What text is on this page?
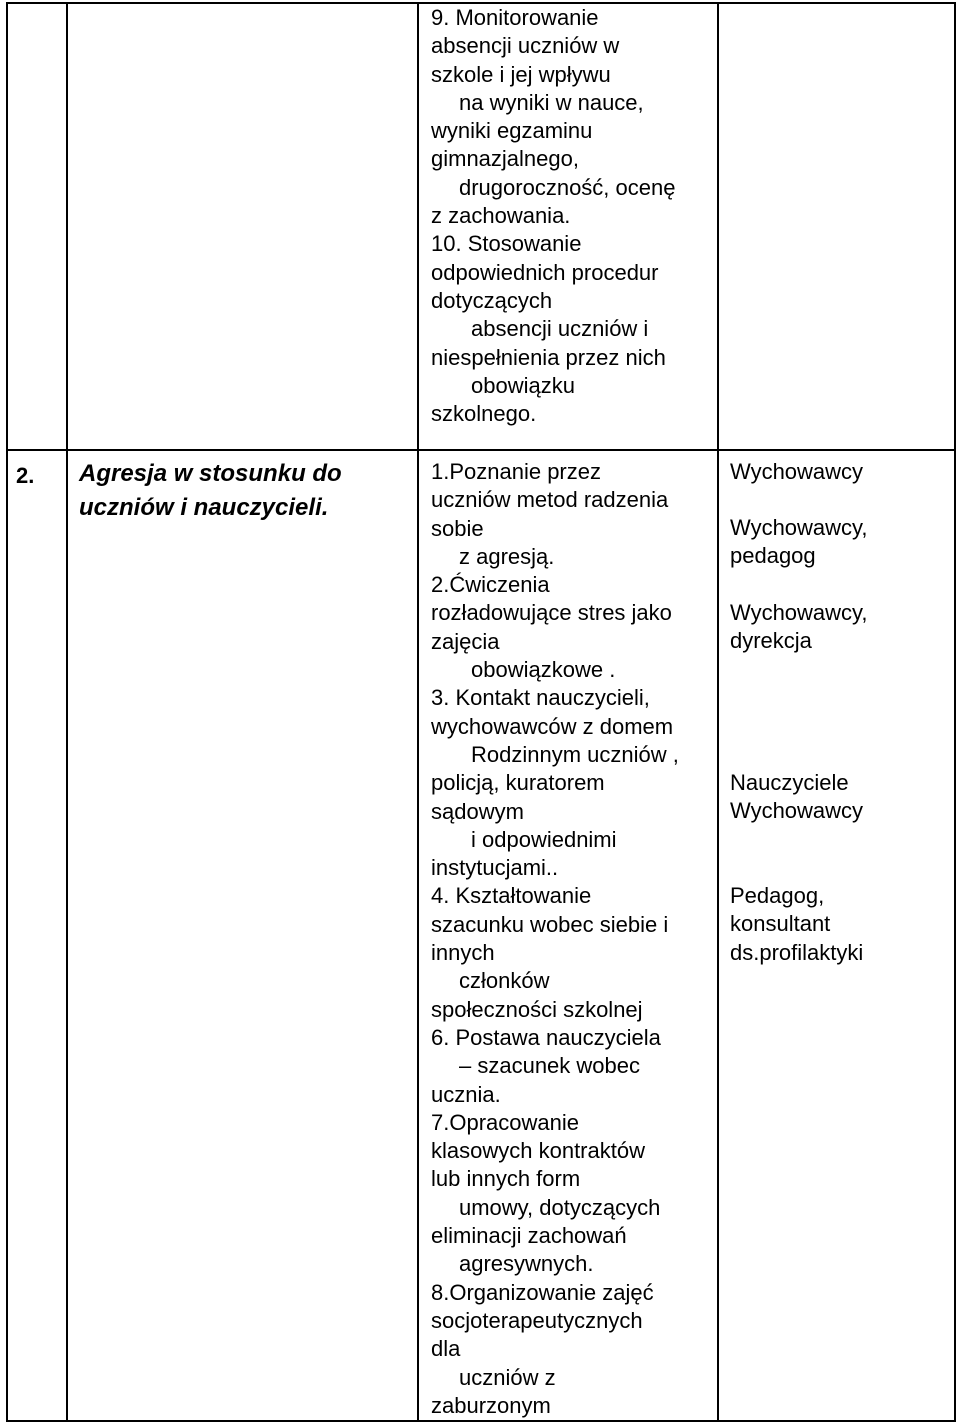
9. Monitorowanie
absencji uczniów w
szkole i jej wpływu
na wyniki w nauce,
wyniki egzaminu
gimnazjalnego,
drugoroczność, ocenę
z zachowania.
10. Stosowanie
odpowiednich procedur
dotyczących
absencji uczniów i
niespełnienia przez nich
obowiązku
szkolnego.
2. Agresja w stosunku do
uczniów i nauczycieli.
1.Poznanie przez
uczniów metod radzenia
sobie
z agresją.
2.Ćwiczenia
rozładowujące stres jako
zajęcia
obowiązkowe .
3. Kontakt nauczycieli,
wychowawców z domem
Rodzinnym uczniów ,
policją, kuratorem
sądowym
i odpowiednimi
instytucjami..
4. Kształtowanie
szacunku wobec siebie i
innych
członków
społeczności szkolnej
6. Postawa nauczyciela
– szacunek wobec
ucznia.
7.Opracowanie
klasowych kontraktów
lub innych form
umowy, dotyczących
eliminacji zachowań
agresywnych.
8.Organizowanie zajęć
socjoterapeutycznych
dla
uczniów z
zaburzonym
Wychowawcy
Wychowawcy,
pedagog
Wychowawcy,
dyrekcja
Nauczyciele
Wychowawcy
Pedagog,
konsultant
ds.profilaktyki
